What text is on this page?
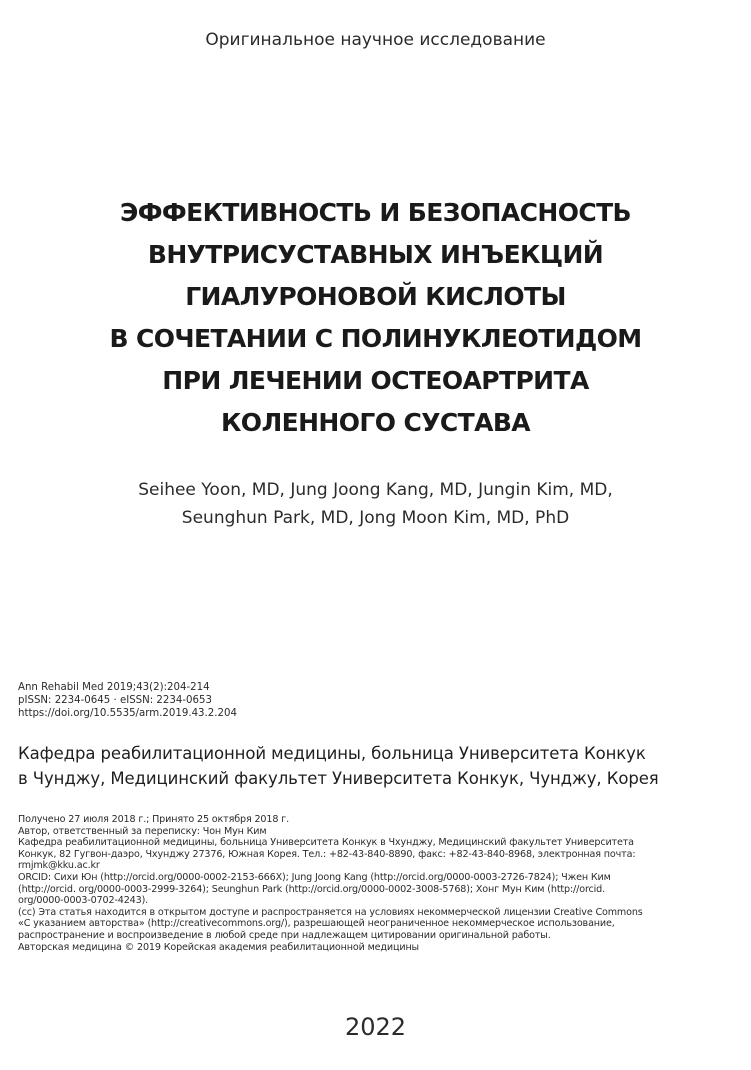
Оригинальное научное исследование
ЭФФЕКТИВНОСТЬ И БЕЗОПАСНОСТЬ
ВНУТРИСУСТАВНЫХ ИНЪЕКЦИЙ
ГИАЛУРОНОВОЙ КИСЛОТЫ
В СОЧЕТАНИИ С ПОЛИНУКЛЕОТИДОМ
ПРИ ЛЕЧЕНИИ ОСТЕОАРТРИТА
КОЛЕННОГО СУСТАВА
Seihee Yoon, MD, Jung Joong Kang, MD, Jungin Kim, MD,
Seunghun Park, MD, Jong Moon Kim, MD, PhD
Ann Rehabil Med 2019;43(2):204-214
pISSN: 2234-0645 · eISSN: 2234-0653
https://doi.org/10.5535/arm.2019.43.2.204
Кафедра реабилитационной медицины, больница Университета Конкук
в Чунджу, Медицинский факультет Университета Конкук, Чунджу, Корея
Получено 27 июля 2018 г.; Принято 25 октября 2018 г.
Автор, ответственный за переписку: Чон Мун Ким
Кафедра реабилитационной медицины, больница Университета Конкук в Чхунджу, Медицинский факультет Университета
Конкук, 82 Гугвон-даэро, Чхунджу 27376, Южная Корея. Тел.: +82-43-840-8890, факс: +82-43-840-8968, электронная почта:
rmjmk@kku.ac.kr
ORCID: Сихи Юн (http://orcid.org/0000-0002-2153-666X); Jung Joong Kang (http://orcid.org/0000-0003-2726-7824); Чжен Ким
(http://orcid. org/0000-0003-2999-3264); Seunghun Park (http://orcid.org/0000-0002-3008-5768); Хонг Мун Ким (http://orcid.
org/0000-0003-0702-4243).
(cc) Эта статья находится в открытом доступе и распространяется на условиях некоммерческой лицензии Creative Commons
«С указанием авторства» (http://creativecommons.org/), разрешающей неограниченное некоммерческое использование,
распространение и воспроизведение в любой среде при надлежащем цитировании оригинальной работы.
Авторская медицина © 2019 Корейская академия реабилитационной медицины
2022
